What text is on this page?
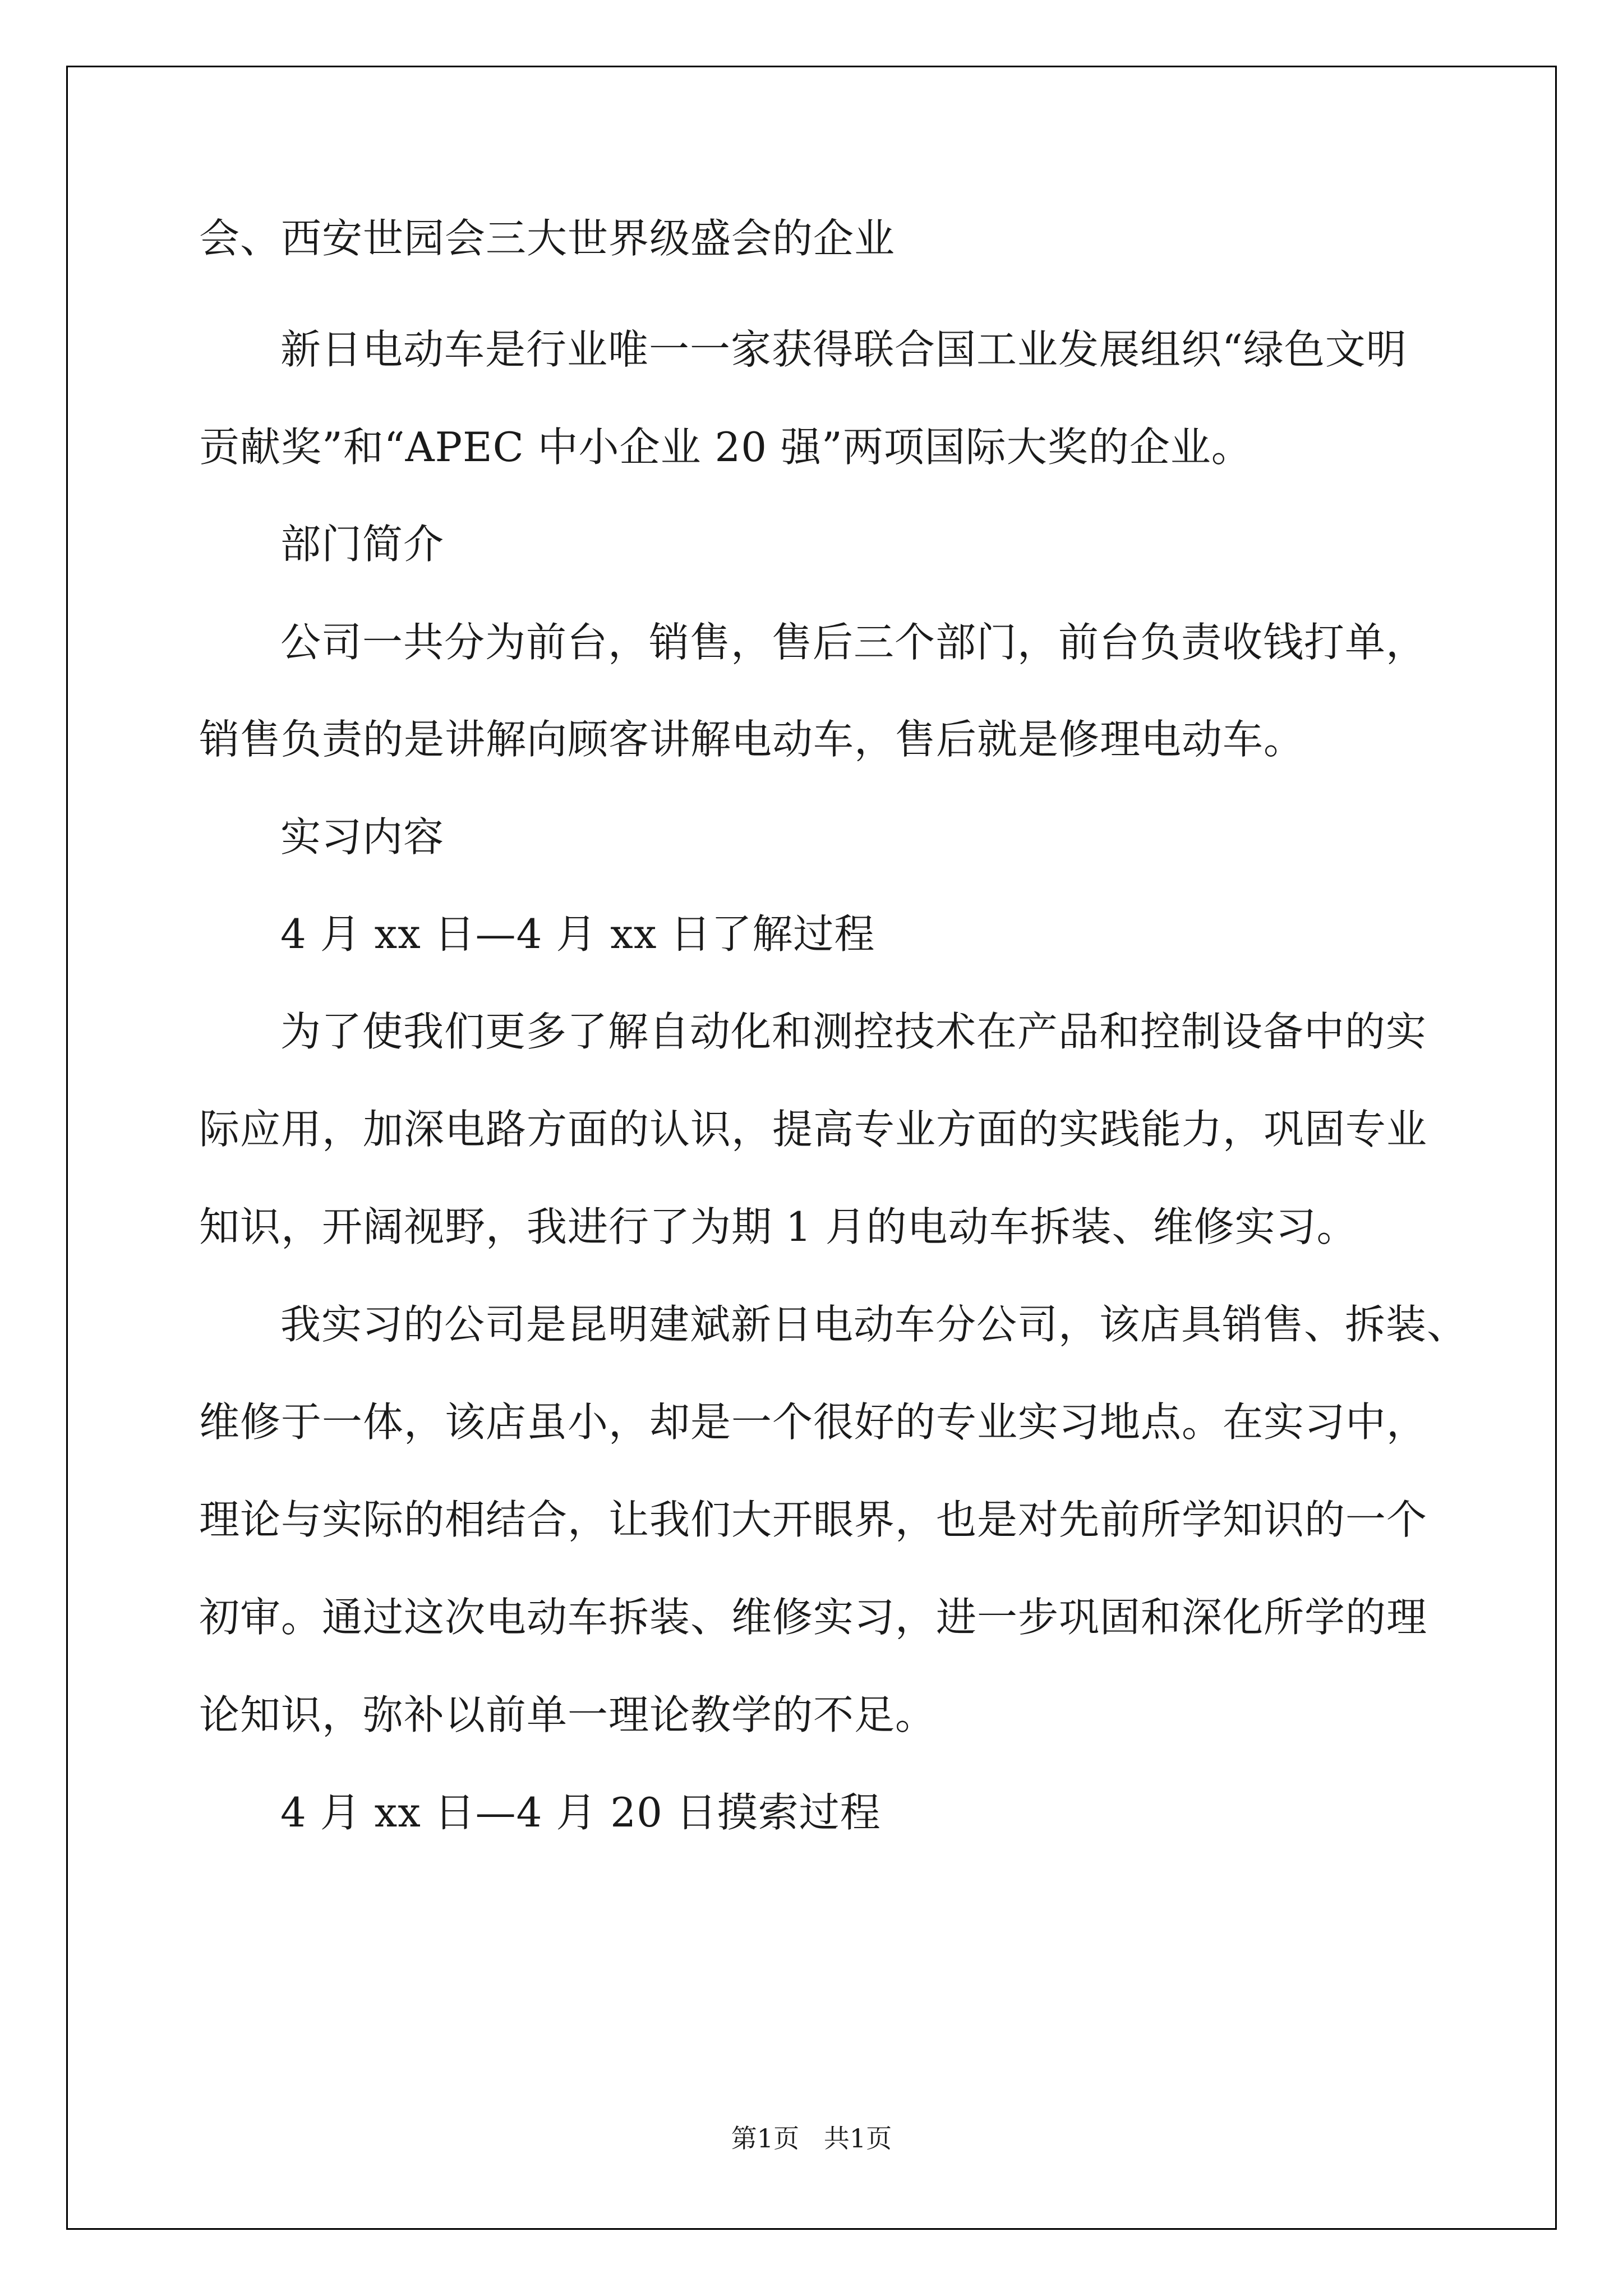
会、西安世园会三大世界级盛会的企业
新日电动车是行业唯一一家获得联合国工业发展组织“绿色文明
贡献奖”和“APEC 中小企业 20 强”两项国际大奖的企业。
部门简介
公司一共分为前台，销售，售后三个部门，前台负责收钱打单，
销售负责的是讲解向顾客讲解电动车，售后就是修理电动车。
实习内容
4 月 xx 日—4 月 xx 日了解过程
为了使我们更多了解自动化和测控技术在产品和控制设备中的实
际应用，加深电路方面的认识，提高专业方面的实践能力，巩固专业
知识，开阔视野，我进行了为期 1 月的电动车拆装、维修实习。
我实习的公司是昆明建斌新日电动车分公司，该店具销售、拆装、
维修于一体，该店虽小，却是一个很好的专业实习地点。在实习中，
理论与实际的相结合，让我们大开眼界，也是对先前所学知识的一个
初审。通过这次电动车拆装、维修实习，进一步巩固和深化所学的理
论知识，弥补以前单一理论教学的不足。
4 月 xx 日—4 月 20 日摸索过程
第1页   共1页
